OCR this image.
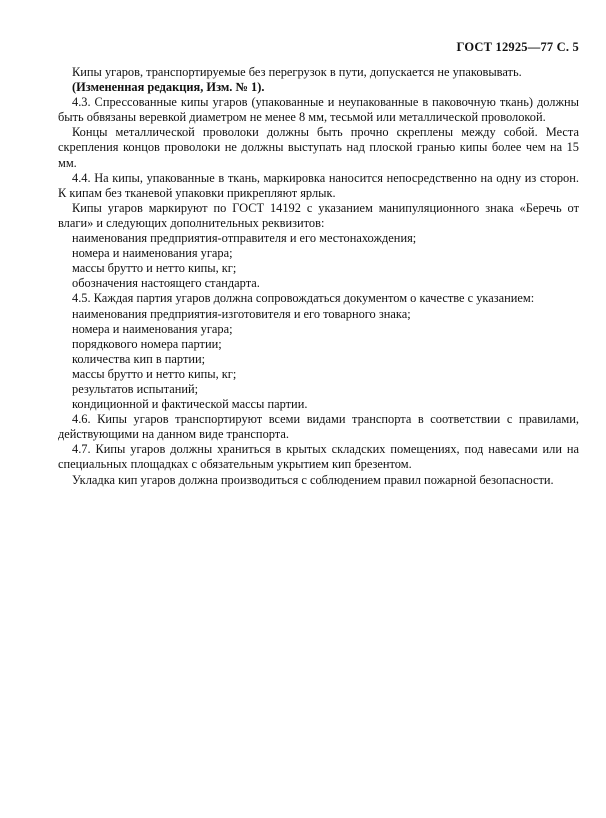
ГОСТ 12925—77 С. 5

Кипы угаров, транспортируемые без перегрузок в пути, допускается не упаковывать.

(Измененная редакция, Изм. № 1).

4.3. Спрессованные кипы угаров (упакованные и неупакованные в паковочную ткань) должны быть обвязаны веревкой диаметром не менее 8 мм, тесьмой или металлической проволокой.

Концы металлической проволоки должны быть прочно скреплены между собой. Места скрепления концов проволоки не должны выступать над плоской гранью кипы более чем на 15 мм.

4.4. На кипы, упакованные в ткань, маркировка наносится непосредственно на одну из сторон. К кипам без тканевой упаковки прикрепляют ярлык.

Кипы угаров маркируют по ГОСТ 14192 с указанием манипуляционного знака «Беречь от влаги» и следующих дополнительных реквизитов:

наименования предприятия-отправителя и его местонахождения;

номера и наименования угара;

массы брутто и нетто кипы, кг;

обозначения настоящего стандарта.

4.5. Каждая партия угаров должна сопровождаться документом о качестве с указанием:

наименования предприятия-изготовителя и его товарного знака;

номера и наименования угара;

порядкового номера партии;

количества кип в партии;

массы брутто и нетто кипы, кг;

результатов испытаний;

кондиционной и фактической массы партии.

4.6. Кипы угаров транспортируют всеми видами транспорта в соответствии с правилами, действующими на данном виде транспорта.

4.7. Кипы угаров должны храниться в крытых складских помещениях, под навесами или на специальных площадках с обязательным укрытием кип брезентом.

Укладка кип угаров должна производиться с соблюдением правил пожарной безопасности.
